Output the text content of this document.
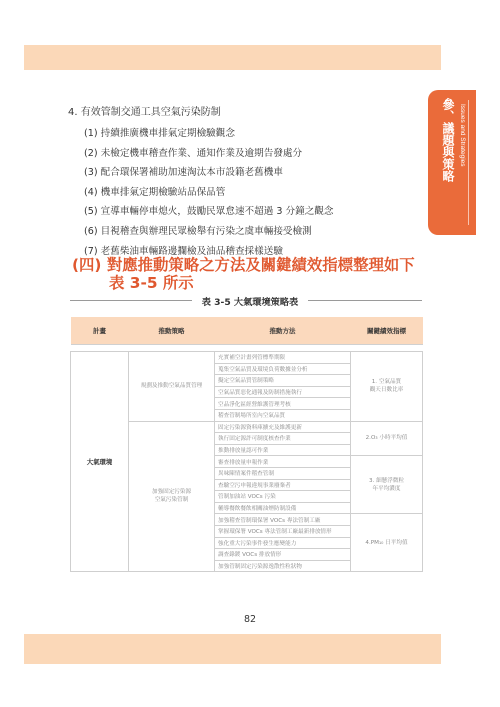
參、議題與策略 Issues and Strategies
4. 有效管制交通工具空氣污染防制
(1) 持續推廣機車排氣定期檢驗觀念
(2) 未檢定機車稽查作業、通知作業及逾期告發處分
(3) 配合環保署補助加速淘汰本市設籍老舊機車
(4) 機車排氣定期檢驗站品保品管
(5) 宣導車輛停車熄火，鼓勵民眾怠速不超過 3 分鐘之觀念
(6) 目視稽查與辦理民眾檢舉有污染之虞車輛接受檢測
(7) 老舊柴油車輛路邊攔檢及油品稽查採樣送驗
(四) 對應推動策略之方法及關鍵績效指標整理如下
表 3-5 所示
表 3-5 大氣環境策略表
計畫	推動策略	推動方法	關鍵績效指標

大氣環境	規劃及推動空氣品質管理	充實補空計畫列管標準期限	1. 空氣品質
觀天日數比率
		蒐集空氣品質及環境負荷數據並分析	
		擬定空氣品質管制策略	
		空氣品質惡化通報及防制措施執行	
		空品淨化區經營維護管理考核	
		稽查管制場所室內空氣品質	
	加強固定污染源
空氣污染管制	固定污染源資料庫擴充及維護更新	2.O₃ 小時平均值
		執行固定源許可制度核查作業	
		推動排放量認可作業	
		審查排放量申報作業	3. 細懸浮微粒
年平均濃度
		異味陳情案件稽查管制	
		查驗空污申報違規事業廢棄者	
		管制加油站 VOCs 污染	
		輔導餐飲餐飲相關油煙防制設備	
		加強稽查管制環保署 VOCs 專法管制工廠	4.PM₁₀ 日平均值
		掌握環保署 VOCs 專法管制工廠最新排放情形	
		強化重大污染事件發生應變能力	
		調查錄鍍 VOCs 排放情形	
		加強管制固定污染源逸散性粒狀物	
82
